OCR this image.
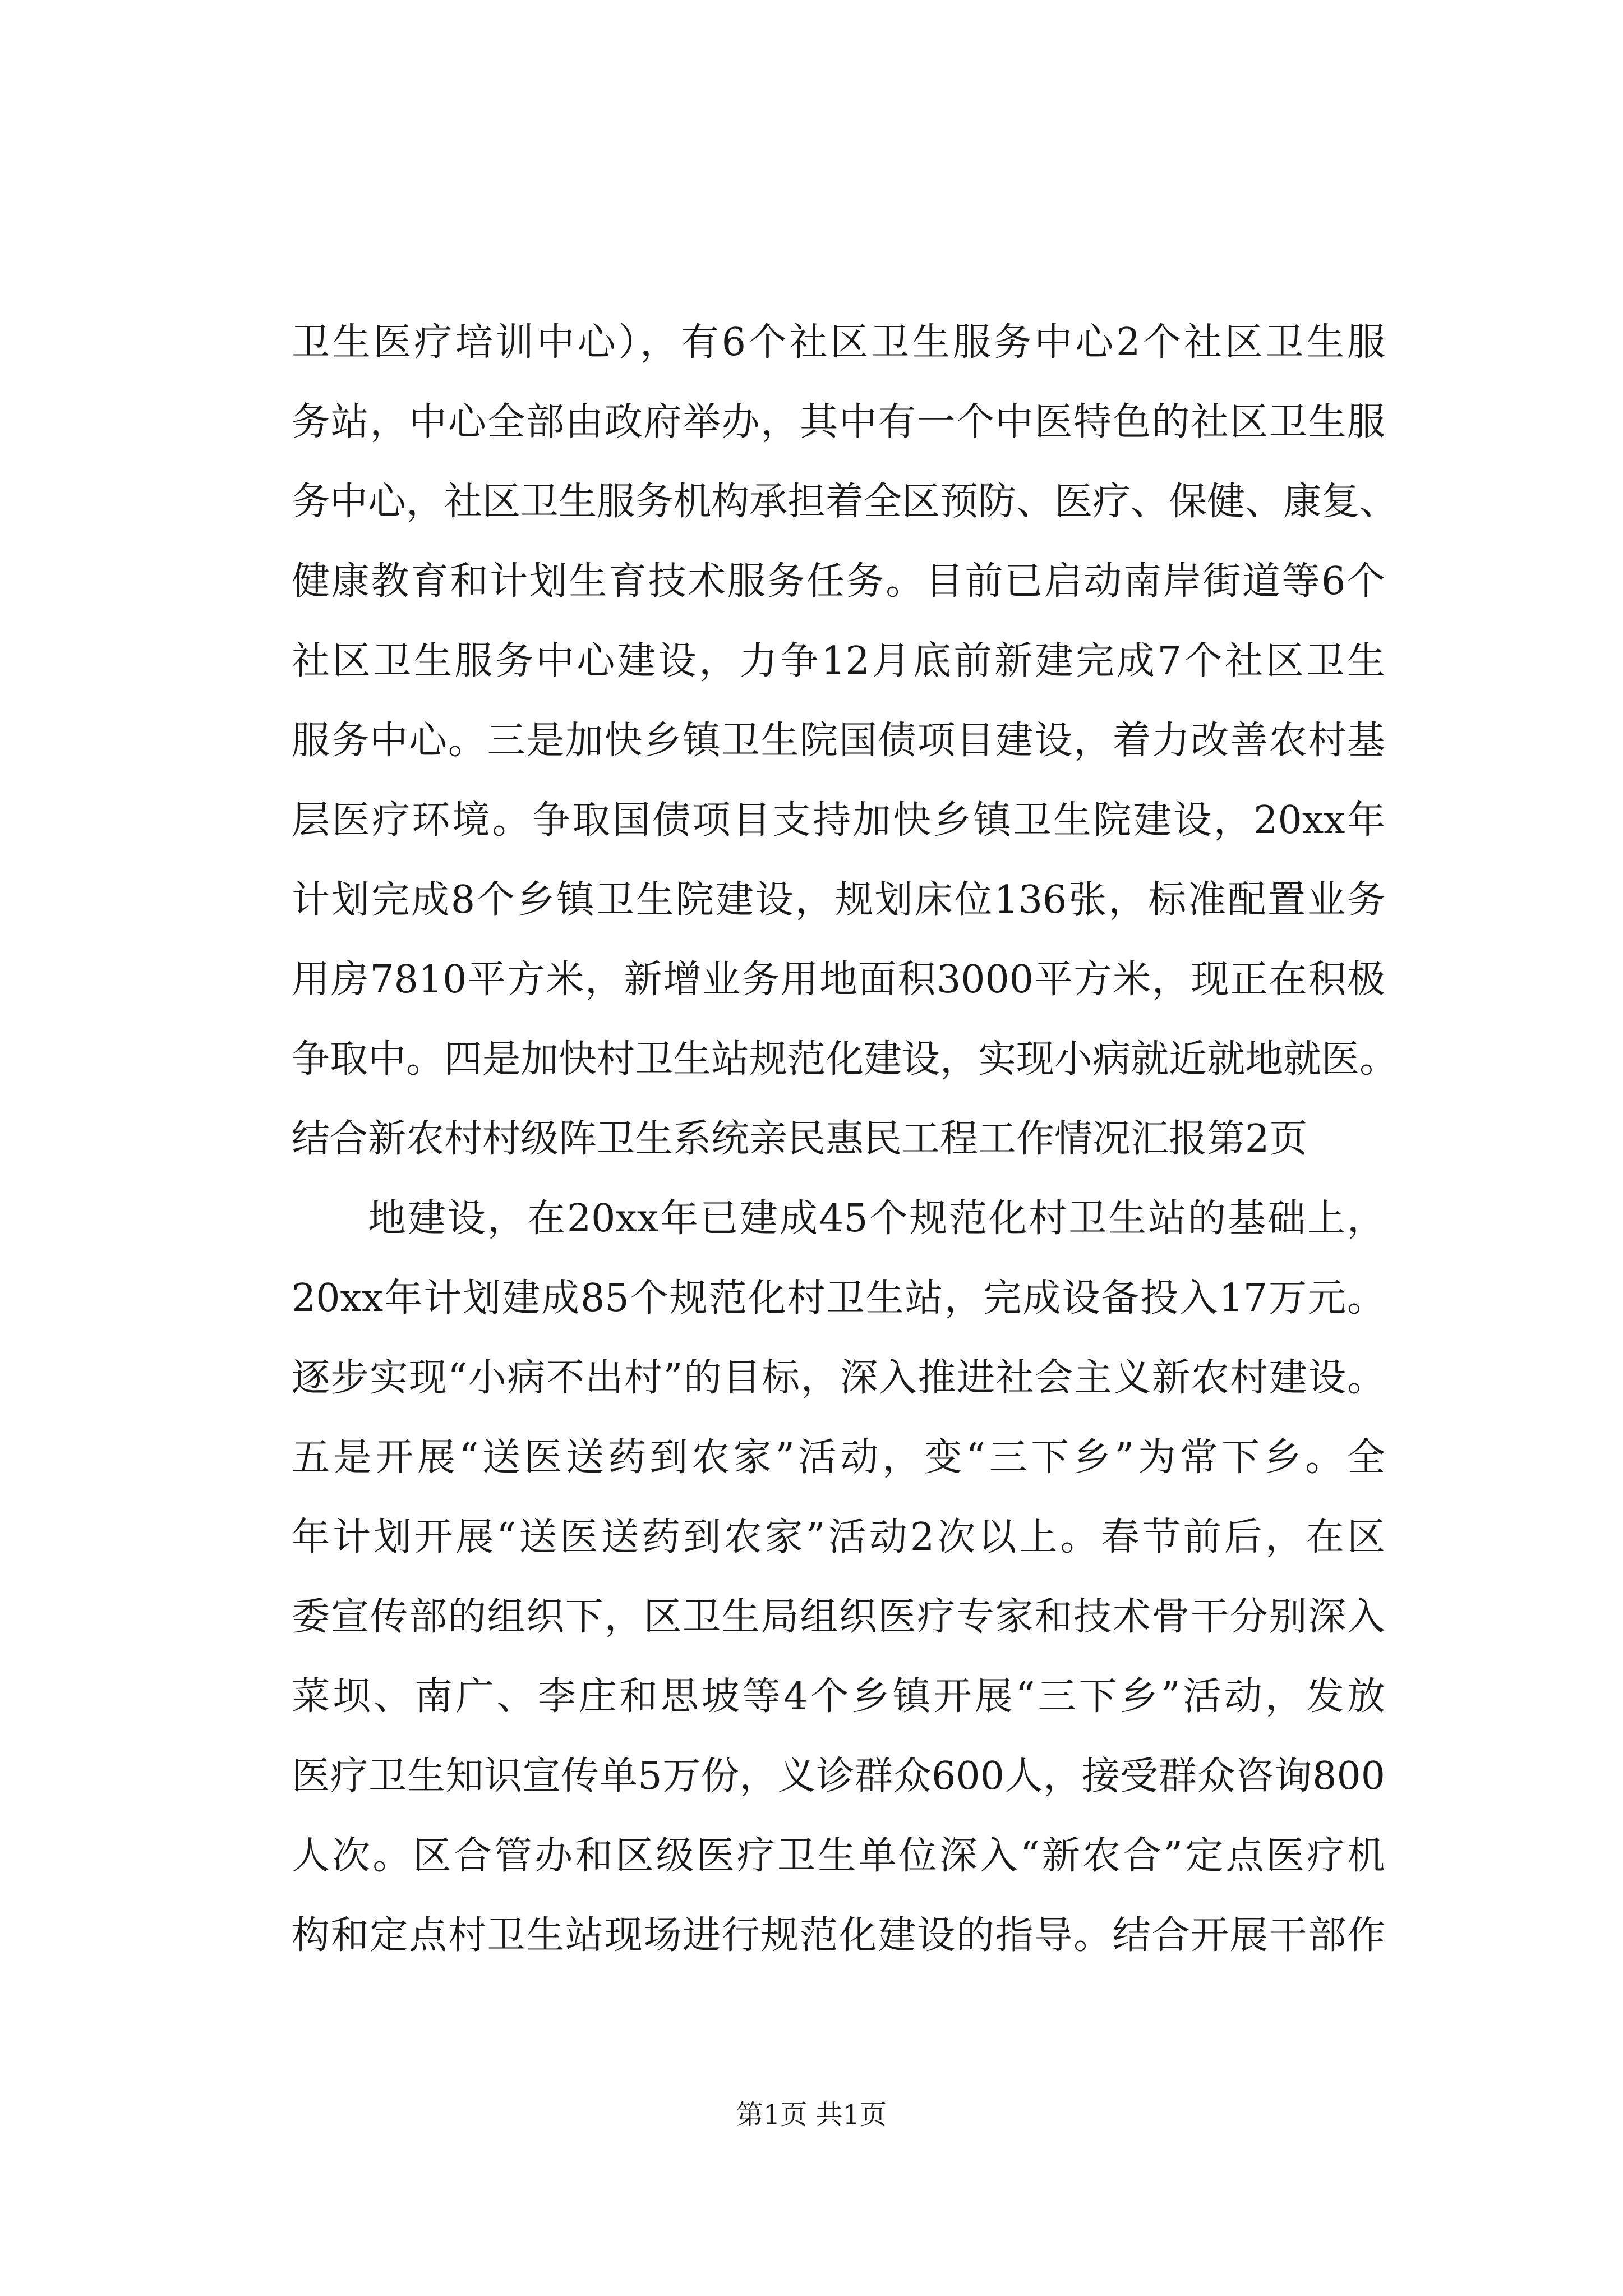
卫生医疗培训中心），有6个社区卫生服务中心2个社区卫生服
务站，中心全部由政府举办，其中有一个中医特色的社区卫生服
务中心，社区卫生服务机构承担着全区预防、医疗、保健、康复、
健康教育和计划生育技术服务任务。目前已启动南岸街道等6个
社区卫生服务中心建设，力争12月底前新建完成7个社区卫生
服务中心。三是加快乡镇卫生院国债项目建设，着力改善农村基
层医疗环境。争取国债项目支持加快乡镇卫生院建设，20xx年
计划完成8个乡镇卫生院建设，规划床位136张，标准配置业务
用房7810平方米，新增业务用地面积3000平方米，现正在积极
争取中。四是加快村卫生站规范化建设，实现小病就近就地就医。
结合新农村村级阵卫生系统亲民惠民工程工作情况汇报第2页
地建设，在20xx年已建成45个规范化村卫生站的基础上，
20xx年计划建成85个规范化村卫生站，完成设备投入17万元。
逐步实现“小病不出村”的目标，深入推进社会主义新农村建设。
五是开展“送医送药到农家”活动，变“三下乡”为常下乡。全
年计划开展“送医送药到农家”活动2次以上。春节前后，在区
委宣传部的组织下，区卫生局组织医疗专家和技术骨干分别深入
菜坝、南广、李庄和思坡等4个乡镇开展“三下乡”活动，发放
医疗卫生知识宣传单5万份，义诊群众600人，接受群众咨询800
人次。区合管办和区级医疗卫生单位深入“新农合”定点医疗机
构和定点村卫生站现场进行规范化建设的指导。结合开展干部作
第1页 共1页
